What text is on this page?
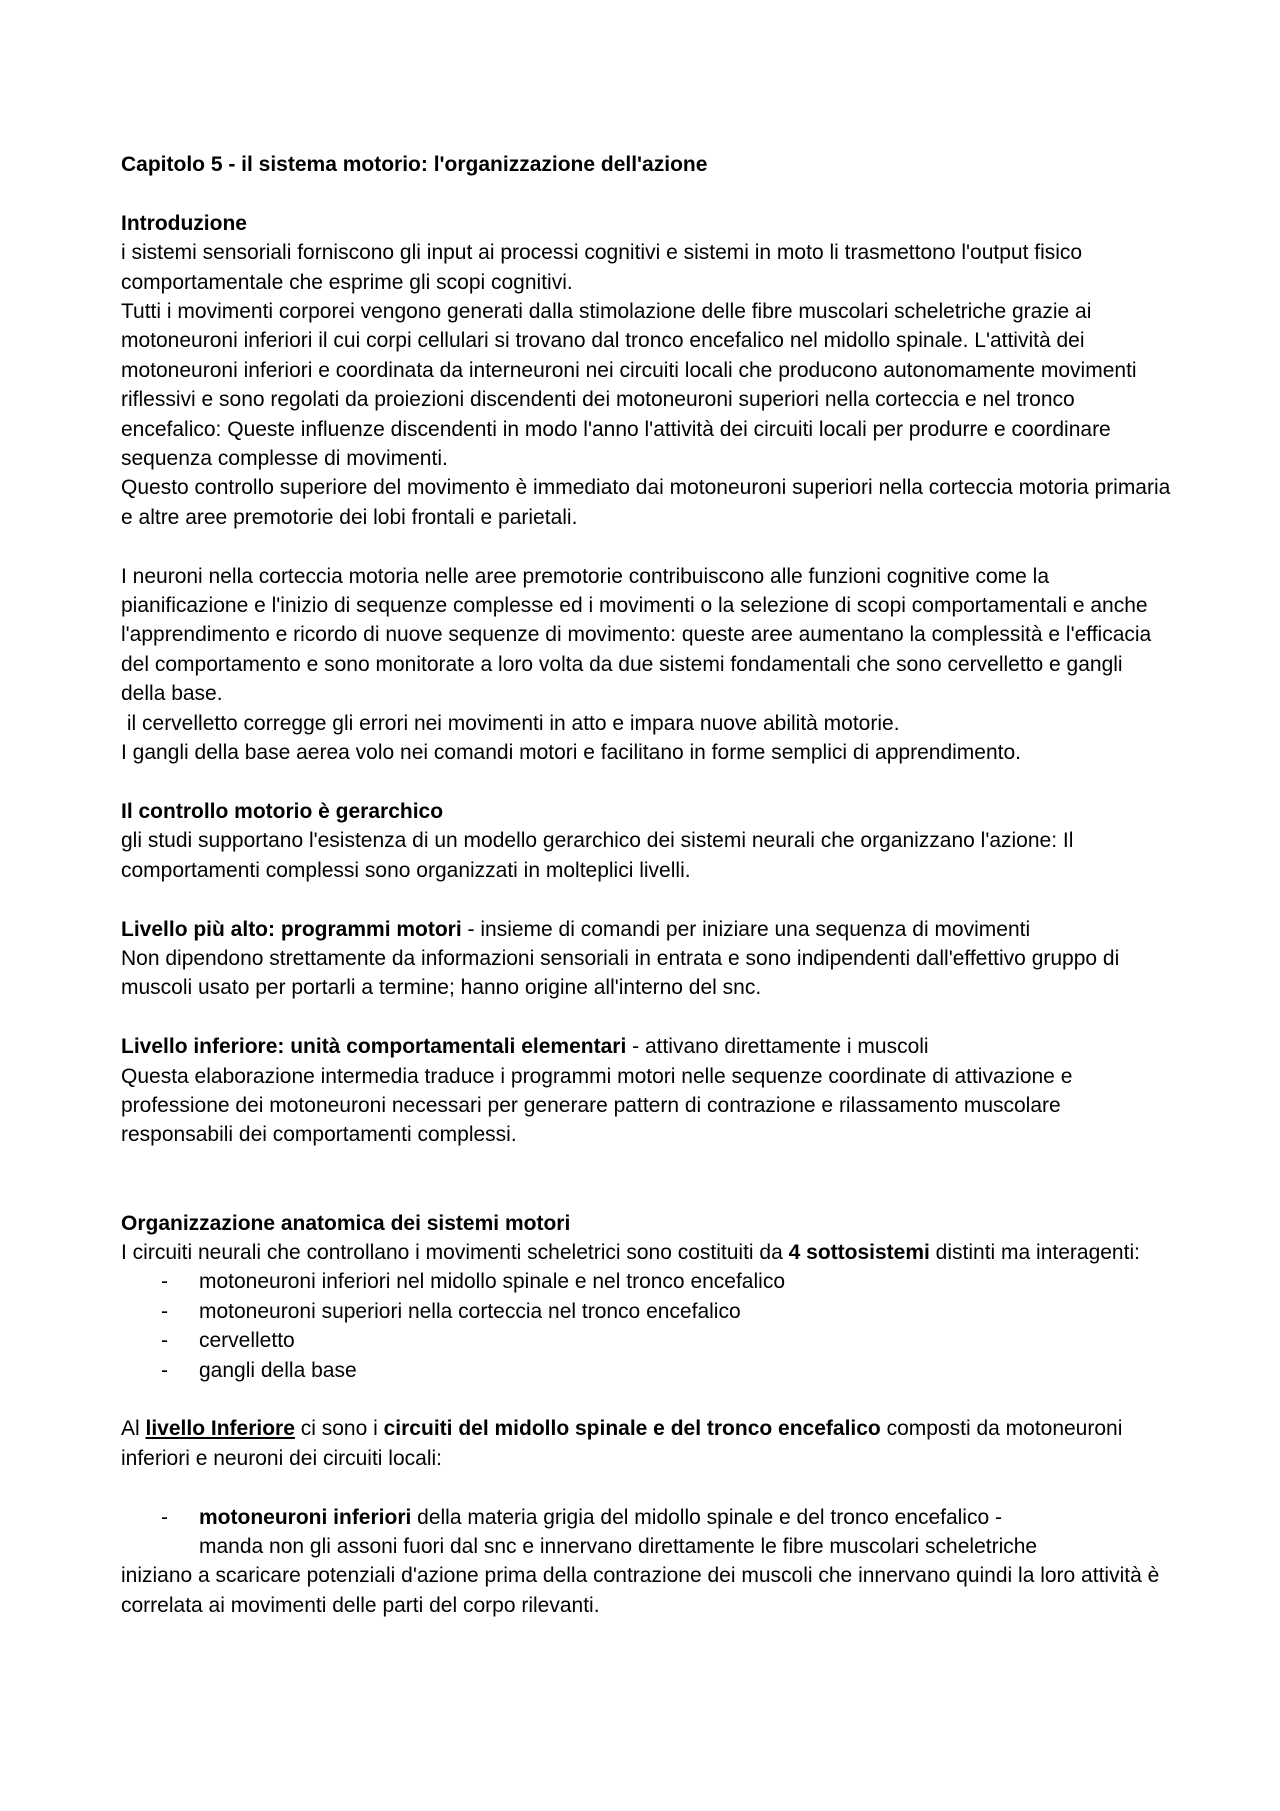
Capitolo 5 - il sistema motorio: l'organizzazione dell'azione

Introduzione

i sistemi sensoriali forniscono gli input ai processi cognitivi e sistemi in moto li trasmettono l'output fisico comportamentale che esprime gli scopi cognitivi.

Tutti i movimenti corporei vengono generati dalla stimolazione delle fibre muscolari scheletriche grazie ai motoneuroni inferiori il cui corpi cellulari si trovano dal tronco encefalico nel midollo spinale. L'attività dei motoneuroni inferiori e coordinata da interneuroni nei circuiti locali che producono autonomamente movimenti riflessivi e sono regolati da proiezioni discendenti dei motoneuroni superiori nella corteccia e nel tronco encefalico: Queste influenze discendenti in modo l'anno l'attività dei circuiti locali per produrre e coordinare sequenza complesse di movimenti.

Questo controllo superiore del movimento è immediato dai motoneuroni superiori nella corteccia motoria primaria e altre aree premotorie dei lobi frontali e parietali.

I neuroni nella corteccia motoria nelle aree premotorie contribuiscono alle funzioni cognitive come la pianificazione e l'inizio di sequenze complesse ed i movimenti o la selezione di scopi comportamentali e anche l'apprendimento e ricordo di nuove sequenze di movimento: queste aree aumentano la complessità e l'efficacia del comportamento e sono monitorate a loro volta da due sistemi fondamentali che sono cervelletto e gangli della base.

il cervelletto corregge gli errori nei movimenti in atto e impara nuove abilità motorie.

I gangli della base aerea volo nei comandi motori e facilitano in forme semplici di apprendimento.

Il controllo motorio è gerarchico

gli studi supportano l'esistenza di un modello gerarchico dei sistemi neurali che organizzano l'azione: Il comportamenti complessi sono organizzati in molteplici livelli.

Livello più alto: programmi motori - insieme di comandi per iniziare una sequenza di movimenti

Non dipendono strettamente da informazioni sensoriali in entrata e sono indipendenti dall'effettivo gruppo di muscoli usato per portarli a termine; hanno origine all'interno del snc.

Livello inferiore: unità comportamentali elementari - attivano direttamente i muscoli

Questa elaborazione intermedia traduce i programmi motori nelle sequenze coordinate di attivazione e professione dei motoneuroni necessari per generare pattern di contrazione e rilassamento muscolare responsabili dei comportamenti complessi.

Organizzazione anatomica dei sistemi motori

I circuiti neurali che controllano i movimenti scheletrici sono costituiti da 4 sottosistemi distinti ma interagenti:

- motoneuroni inferiori nel midollo spinale e nel tronco encefalico
- motoneuroni superiori nella corteccia nel tronco encefalico
- cervelletto
- gangli della base

Al livello Inferiore ci sono i circuiti del midollo spinale e del tronco encefalico composti da motoneuroni inferiori e neuroni dei circuiti locali:

-	motoneuroni inferiori della materia grigia del midollo spinale e del tronco encefalico -

manda non gli assoni fuori dal snc e innervano direttamente le fibre muscolari scheletriche

iniziano a scaricare potenziali d'azione prima della contrazione dei muscoli che innervano quindi la loro attività è correlata ai movimenti delle parti del corpo rilevanti.
